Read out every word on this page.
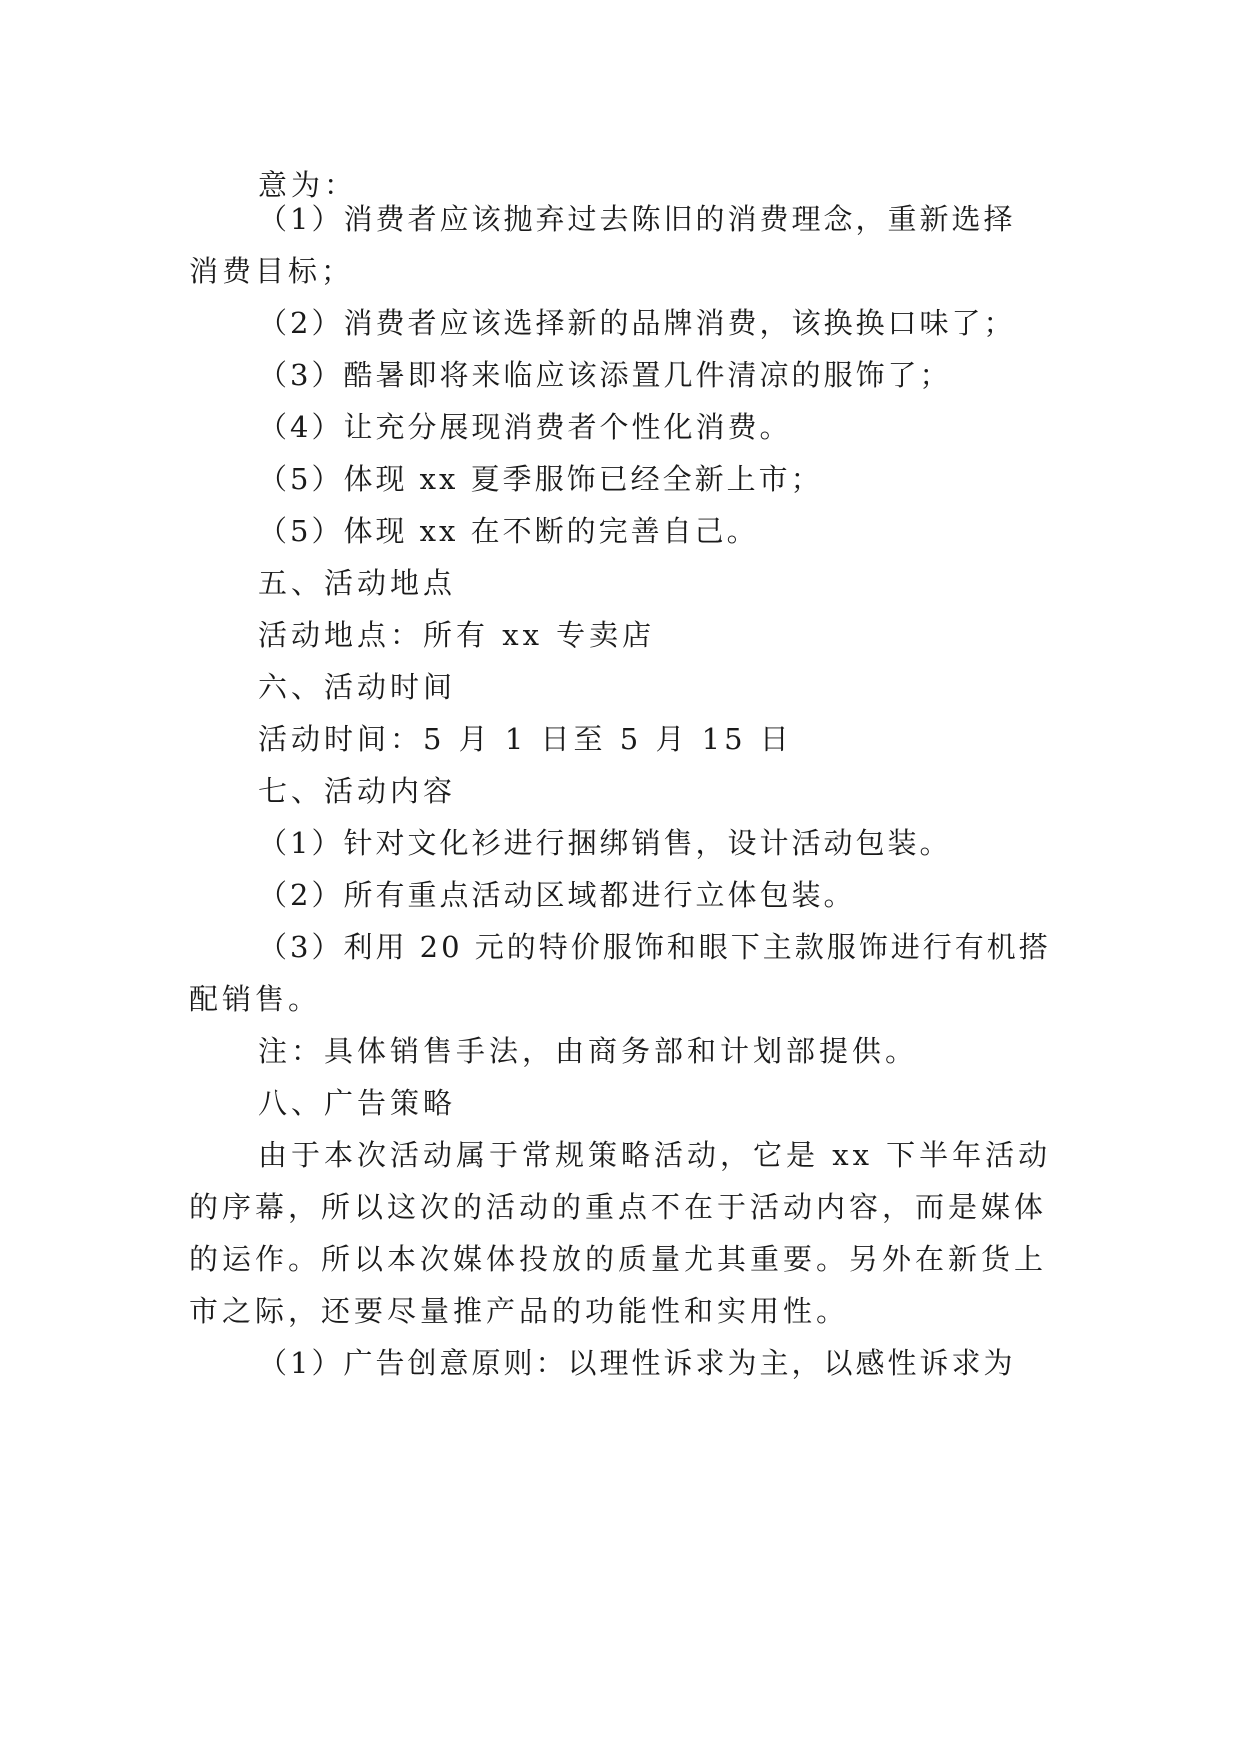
意为：

（1）消费者应该抛弃过去陈旧的消费理念，重新选择

消费目标；

（2）消费者应该选择新的品牌消费，该换换口味了；

（3）酷暑即将来临应该添置几件清凉的服饰了；

（4）让充分展现消费者个性化消费。

（5）体现 xx 夏季服饰已经全新上市；

（5）体现 xx 在不断的完善自己。

五、活动地点

活动地点：所有 xx 专卖店

六、活动时间

活动时间：5 月 1 日至 5 月 15 日

七、活动内容

（1）针对文化衫进行捆绑销售，设计活动包装。

（2）所有重点活动区域都进行立体包装。

（3）利用 20 元的特价服饰和眼下主款服饰进行有机搭

配销售。

注：具体销售手法，由商务部和计划部提供。

八、广告策略

由于本次活动属于常规策略活动，它是 xx 下半年活动

的序幕，所以这次的活动的重点不在于活动内容，而是媒体

的运作。所以本次媒体投放的质量尤其重要。另外在新货上

市之际，还要尽量推产品的功能性和实用性。

（1）广告创意原则：以理性诉求为主，以感性诉求为
